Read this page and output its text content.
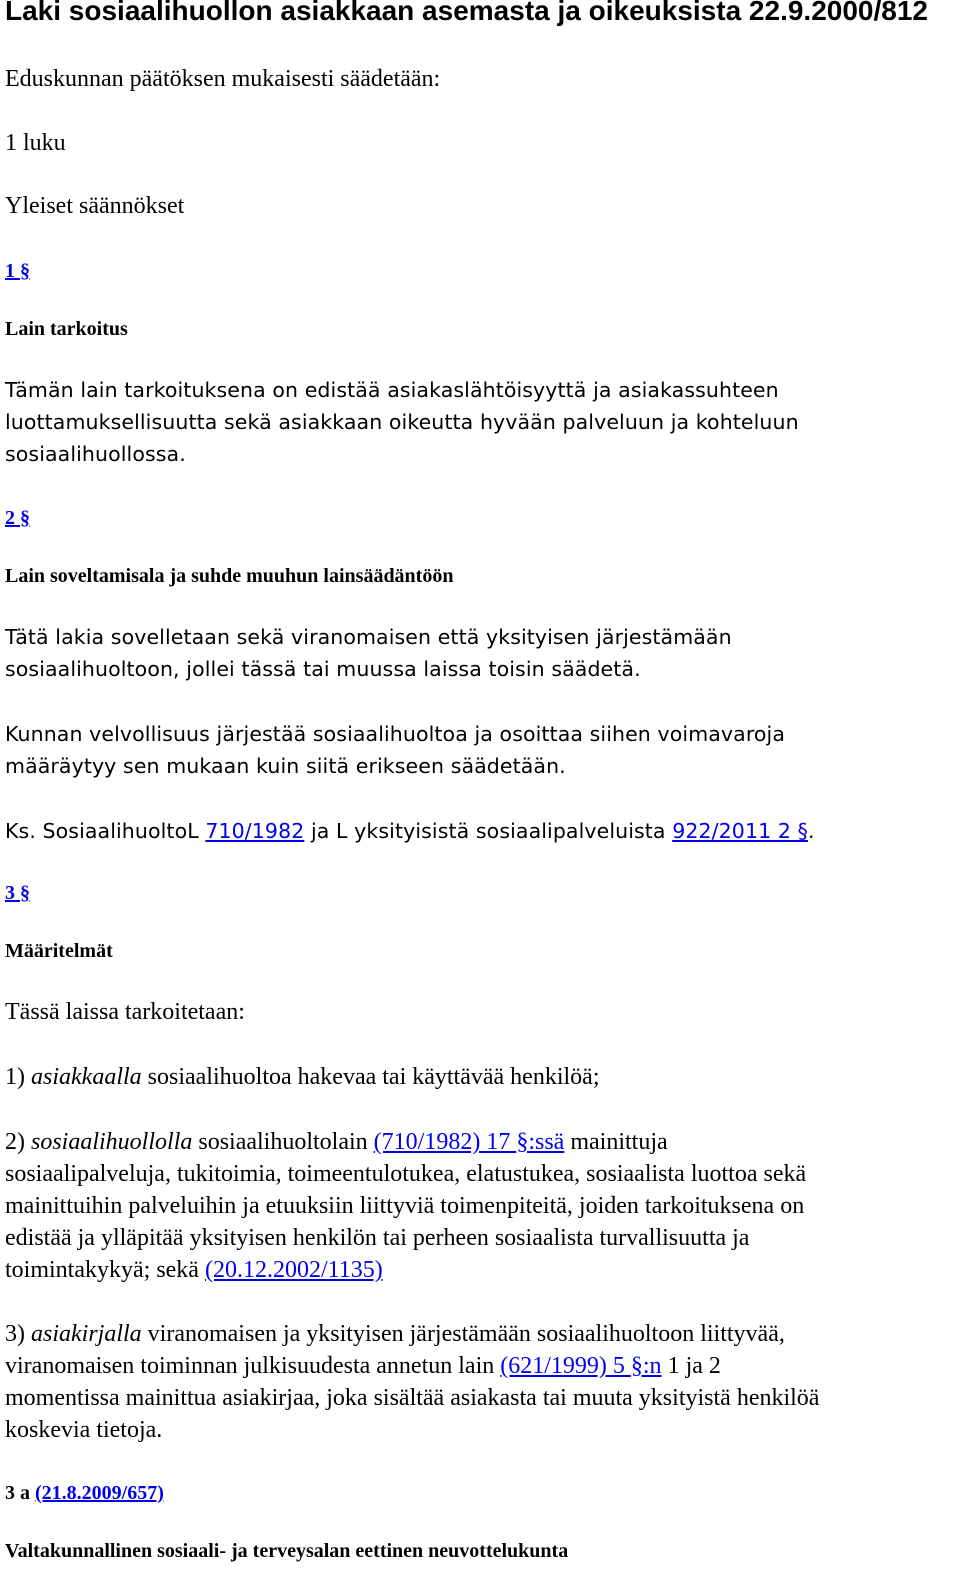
Laki sosiaalihuollon asiakkaan asemasta ja oikeuksista 22.9.2000/812

Eduskunnan päätöksen mukaisesti säädetään:

1 luku

Yleiset säännökset

1 §

Lain tarkoitus

Tämän lain tarkoituksena on edistää asiakaslähtöisyyttä ja asiakassuhteen
luottamuksellisuutta sekä asiakkaan oikeutta hyvään palveluun ja kohteluun
sosiaalihuollossa.

2 §

Lain soveltamisala ja suhde muuhun lainsäädäntöön

Tätä lakia sovelletaan sekä viranomaisen että yksityisen järjestämään
sosiaalihuoltoon, jollei tässä tai muussa laissa toisin säädetä.
Kunnan velvollisuus järjestää sosiaalihuoltoa ja osoittaa siihen voimavaroja
määräytyy sen mukaan kuin siitä erikseen säädetään.
Ks. SosiaalihuoltoL 710/1982 ja L yksityisistä sosiaalipalveluista 922/2011 2 §.

3 §

Määritelmät

Tässä laissa tarkoitetaan:

1) asiakkaalla sosiaalihuoltoa hakevaa tai käyttävää henkilöä;

2) sosiaalihuollolla sosiaalihuoltolain (710/1982) 17 §:ssä mainittuja
sosiaalipalveluja, tukitoimia, toimeentulotukea, elatustukea, sosiaalista luottoa sekä
mainittuihin palveluihin ja etuuksiin liittyviä toimenpiteitä, joiden tarkoituksena on
edistää ja ylläpitää yksityisen henkilön tai perheen sosiaalista turvallisuutta ja
toimintakykyä; sekä (20.12.2002/1135)
3) asiakirjalla viranomaisen ja yksityisen järjestämään sosiaalihuoltoon liittyvää,
viranomaisen toiminnan julkisuudesta annetun lain (621/1999) 5 §:n 1 ja 2
momentissa mainittua asiakirjaa, joka sisältää asiakasta tai muuta yksityistä henkilöä
koskevia tietoja.

3 a (21.8.2009/657)

Valtakunnallinen sosiaali- ja terveysalan eettinen neuvottelukunta
